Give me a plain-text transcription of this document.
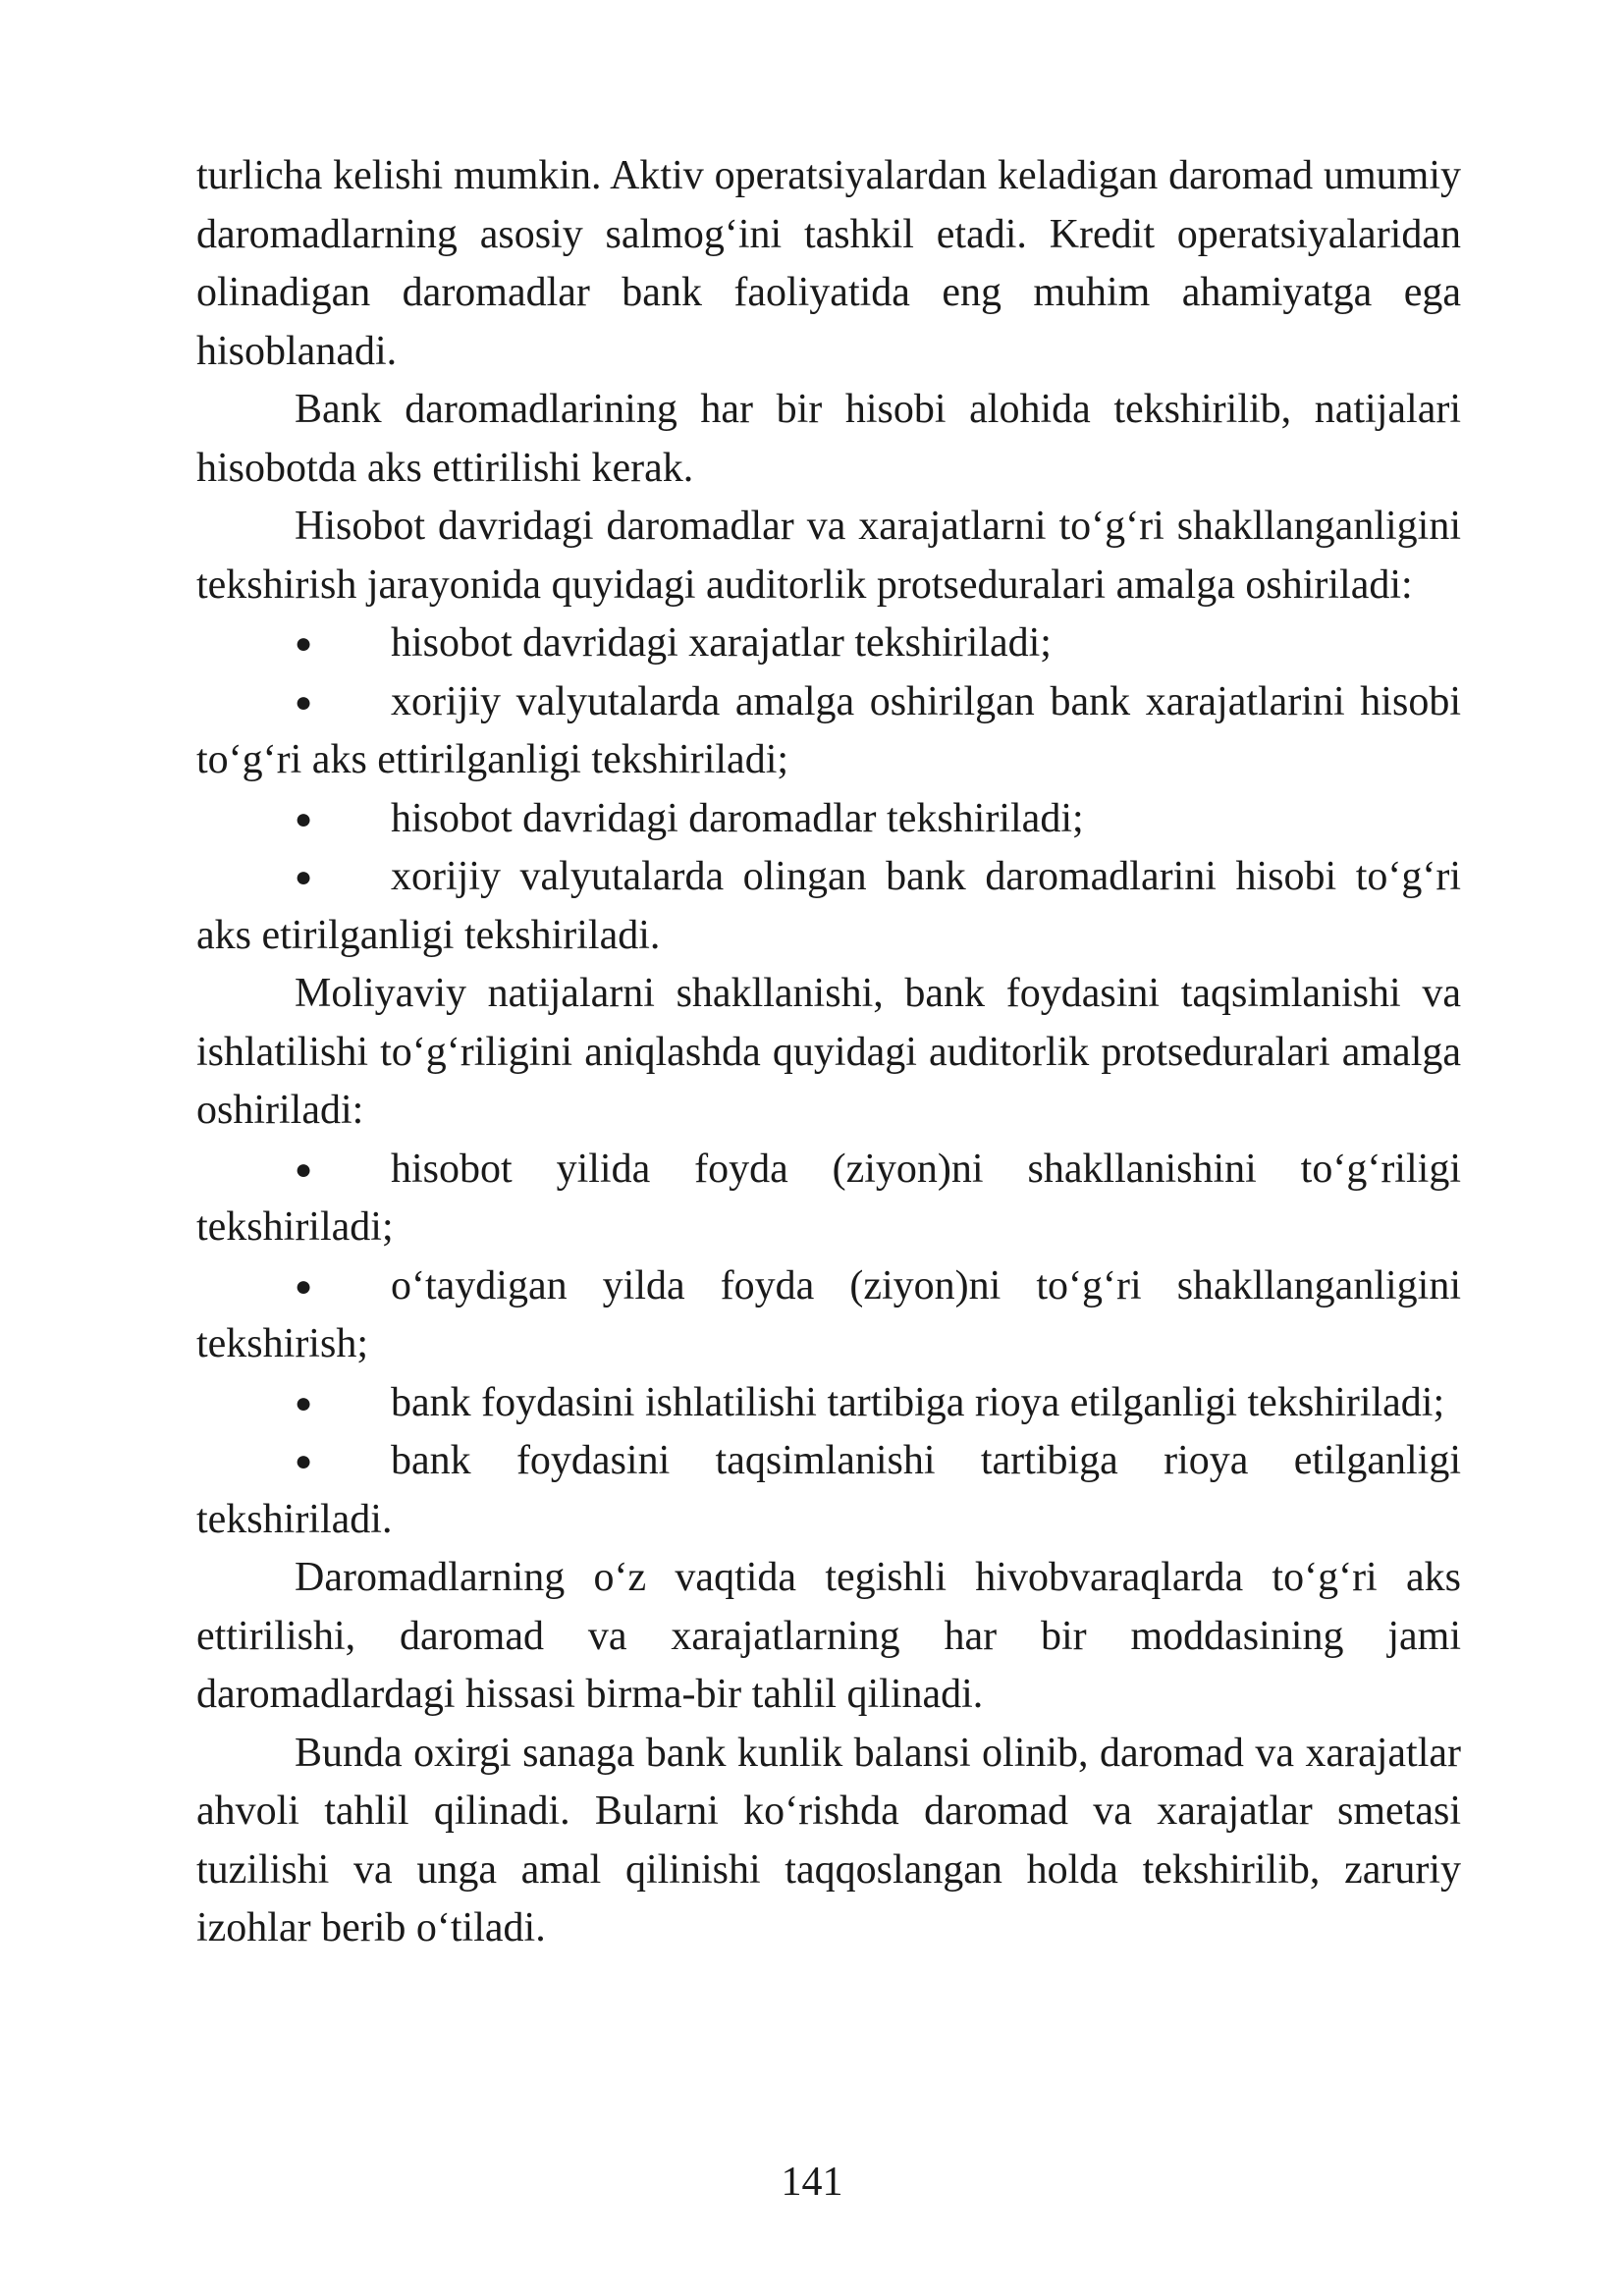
turlicha kelishi mumkin. Aktiv operatsiyalardan keladigan daromad umumiy daromadlarning asosiy salmog‘ini tashkil etadi. Kredit operatsiyalaridan olinadigan daromadlar bank faoliyatida eng muhim ahamiyatga ega hisoblanadi.

Bank daromadlarining har bir hisobi alohida tekshirilib, natijalari hisobotda aks ettirilishi kerak.

Hisobot davridagi daromadlar va xarajatlarni to‘g‘ri shakllanganligini tekshirish jarayonida quyidagi auditorlik protseduralari amalga oshiriladi:

● hisobot davridagi xarajatlar tekshiriladi;

● xorijiy valyutalarda amalga oshirilgan bank xarajatlarini hisobi to‘g‘ri aks ettirilganligi tekshiriladi;

● hisobot davridagi daromadlar tekshiriladi;

● xorijiy valyutalarda olingan bank daromadlarini hisobi to‘g‘ri aks etirilganligi tekshiriladi.

Moliyaviy natijalarni shakllanishi, bank foydasini taqsimlanishi va ishlatilishi to‘g‘riligini aniqlashda quyidagi auditorlik protseduralari amalga oshiriladi:

● hisobot yilida foyda (ziyon)ni shakllanishini to‘g‘riligi tekshiriladi;

● o‘taydigan yilda foyda (ziyon)ni to‘g‘ri shakllanganligini tekshirish;

● bank foydasini ishlatilishi tartibiga rioya etilganligi tekshiriladi;

● bank foydasini taqsimlanishi tartibiga rioya etilganligi tekshiriladi.

Daromadlarning o‘z vaqtida tegishli hivobvaraqlarda to‘g‘ri aks ettirilishi, daromad va xarajatlarning har bir moddasining jami daromadlardagi hissasi birma-bir tahlil qilinadi.

Bunda oxirgi sanaga bank kunlik balansi olinib, daromad va xarajatlar ahvoli tahlil qilinadi. Bularni ko‘rishda daromad va xarajatlar smetasi tuzilishi va unga amal qilinishi taqqoslangan holda tekshirilib, zaruriy izohlar berib o‘tiladi.

141
